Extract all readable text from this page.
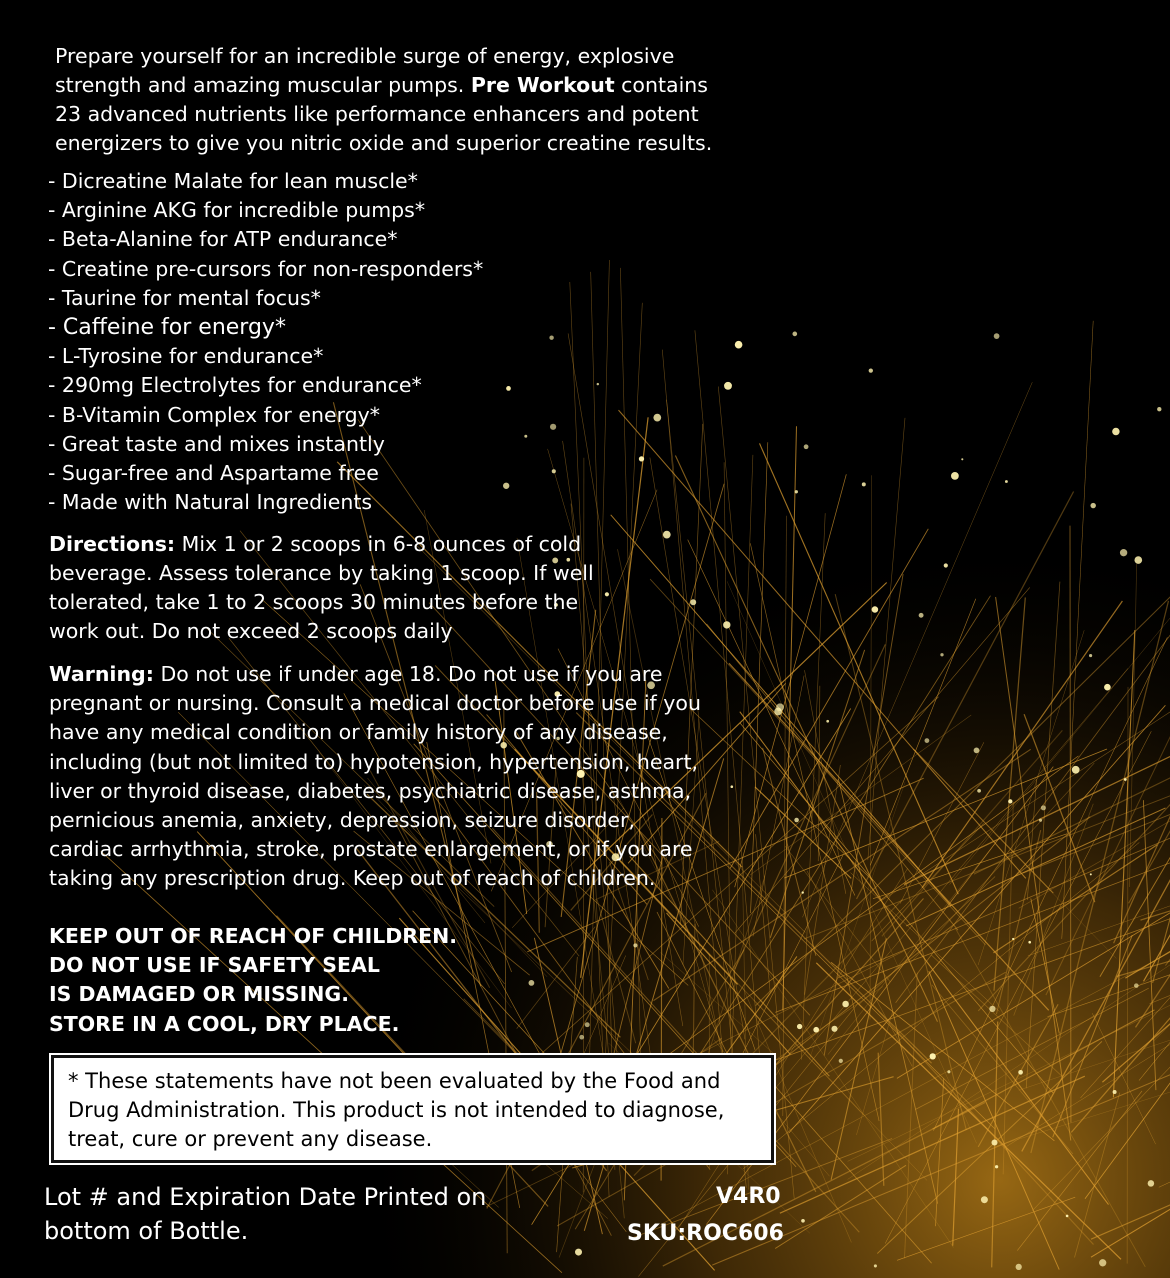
Prepare yourself for an incredible surge of energy, explosive strength and amazing muscular pumps. Pre Workout contains 23 advanced nutrients like performance enhancers and potent energizers to give you nitric oxide and superior creatine results.
- Dicreatine Malate for lean muscle*
- Arginine AKG for incredible pumps*
- Beta-Alanine for ATP endurance*
- Creatine pre-cursors for non-responders*
- Taurine for mental focus*
- Caffeine for energy*
- L-Tyrosine for endurance*
- 290mg Electrolytes for endurance*
- B-Vitamin Complex for energy*
- Great taste and mixes instantly
- Sugar-free and Aspartame free
- Made with Natural Ingredients
Directions: Mix 1 or 2 scoops in 6-8 ounces of cold beverage. Assess tolerance by taking 1 scoop. If well tolerated, take 1 to 2 scoops 30 minutes before the work out. Do not exceed 2 scoops daily
Warning: Do not use if under age 18. Do not use if you are pregnant or nursing. Consult a medical doctor before use if you have any medical condition or family history of any disease, including (but not limited to) hypotension, hypertension, heart, liver or thyroid disease, diabetes, psychiatric disease, asthma, pernicious anemia, anxiety, depression, seizure disorder, cardiac arrhythmia, stroke, prostate enlargement, or if you are taking any prescription drug. Keep out of reach of children.
KEEP OUT OF REACH OF CHILDREN.
DO NOT USE IF SAFETY SEAL
IS DAMAGED OR MISSING.
STORE IN A COOL, DRY PLACE.
* These statements have not been evaluated by the Food and Drug Administration. This product is not intended to diagnose, treat, cure or prevent any disease.
Lot # and Expiration Date Printed on bottom of Bottle.
V4R0
SKU:ROC606
